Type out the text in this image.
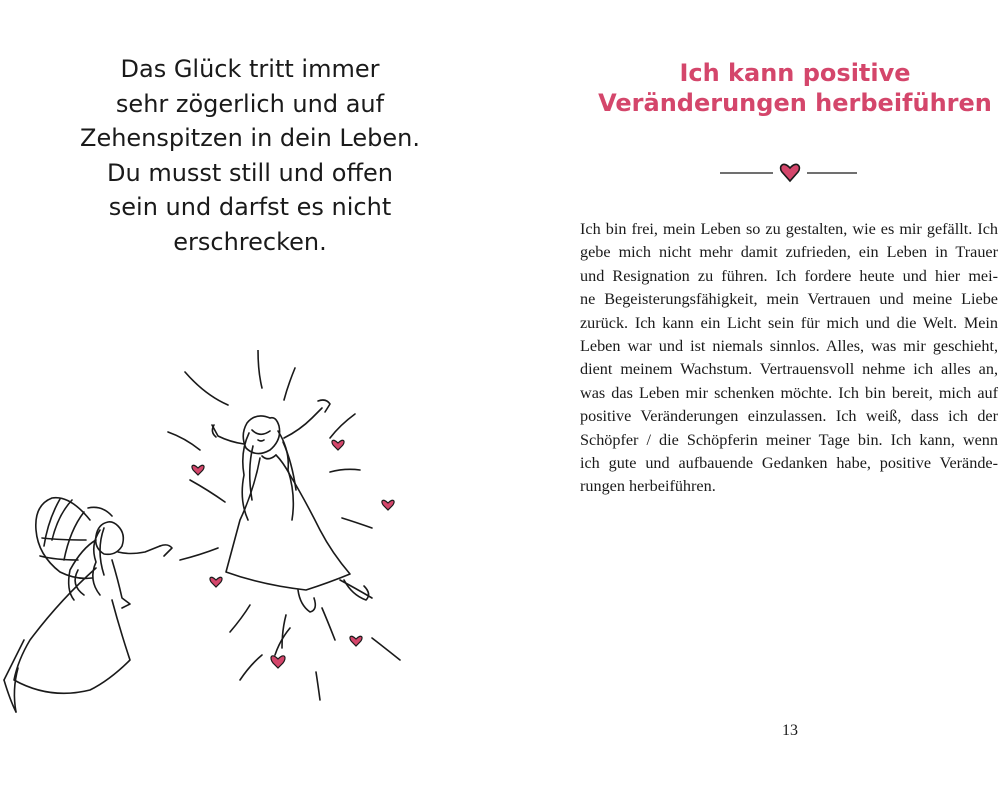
Das Glück tritt immer
sehr zögerlich und auf
Zehenspitzen in dein Leben.
Du musst still und offen
sein und darfst es nicht
erschrecken.
Ich kann positive
Veränderungen herbeiführen
Ich bin frei, mein Leben so zu gestalten, wie es mir gefällt. Ich
gebe mich nicht mehr damit zufrieden, ein Leben in Trauer
und Resignation zu führen. Ich fordere heute und hier mei-
ne Begeisterungsfähigkeit, mein Vertrauen und meine Liebe
zurück. Ich kann ein Licht sein für mich und die Welt. Mein
Leben war und ist niemals sinnlos. Alles, was mir geschieht,
dient meinem Wachstum. Vertrauensvoll nehme ich alles an,
was das Leben mir schenken möchte. Ich bin bereit, mich auf
positive Veränderungen einzulassen. Ich weiß, dass ich der
Schöpfer / die Schöpferin meiner Tage bin. Ich kann, wenn
ich gute und aufbauende Gedanken habe, positive Verände-
rungen herbeiführen.
13
